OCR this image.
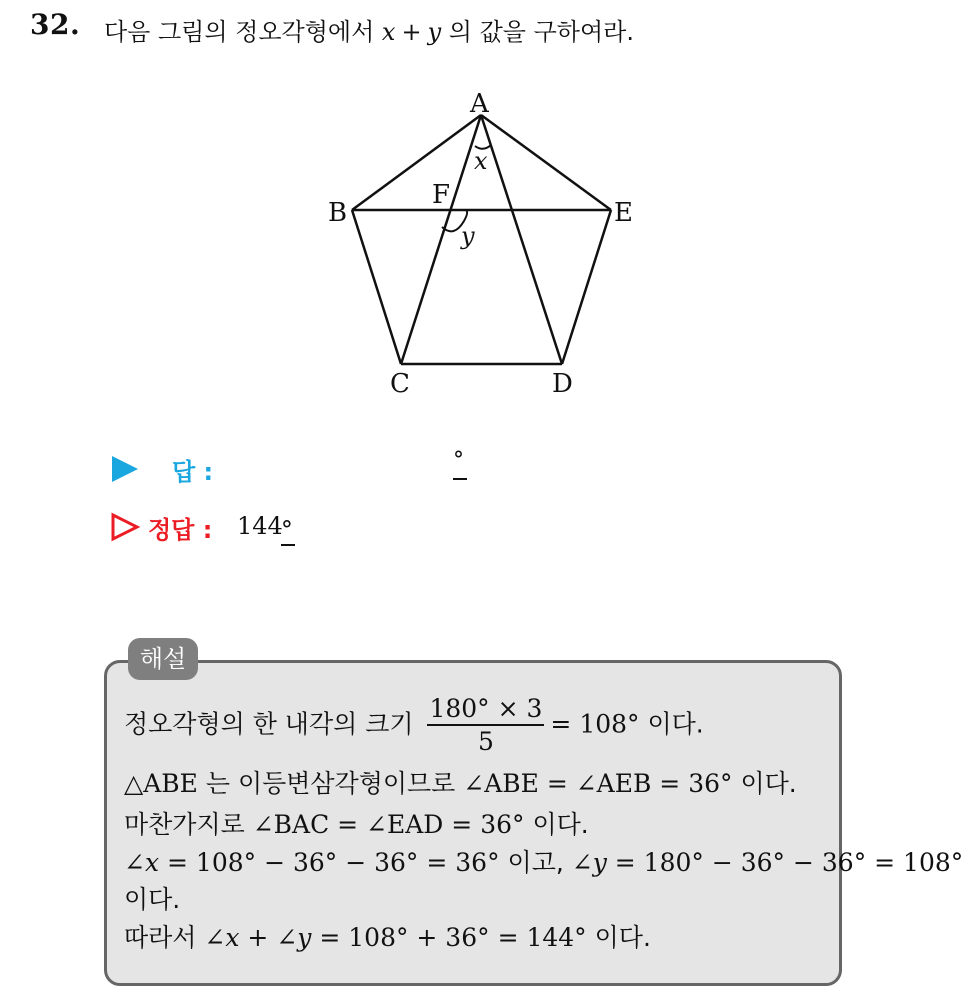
32. 다음 그림의 정오각형에서 x + y 의 값을 구하여라.
A
B	E
F
C	D
x
y
답 :	°
정답 : 144°
해설
정오각형의 한 내각의 크기 $\frac{180^\circ \times 3}{5} = 108^\circ$ 이다.
△ABE 는 이등변삼각형이므로 ∠ABE = ∠AEB = 36° 이다.
마찬가지로 ∠BAC = ∠EAD = 36° 이다.
∠x = 108° − 36° − 36° = 36° 이고, ∠y = 180° − 36° − 36° = 108°
이다.
따라서 ∠x + ∠y = 108° + 36° = 144° 이다.
